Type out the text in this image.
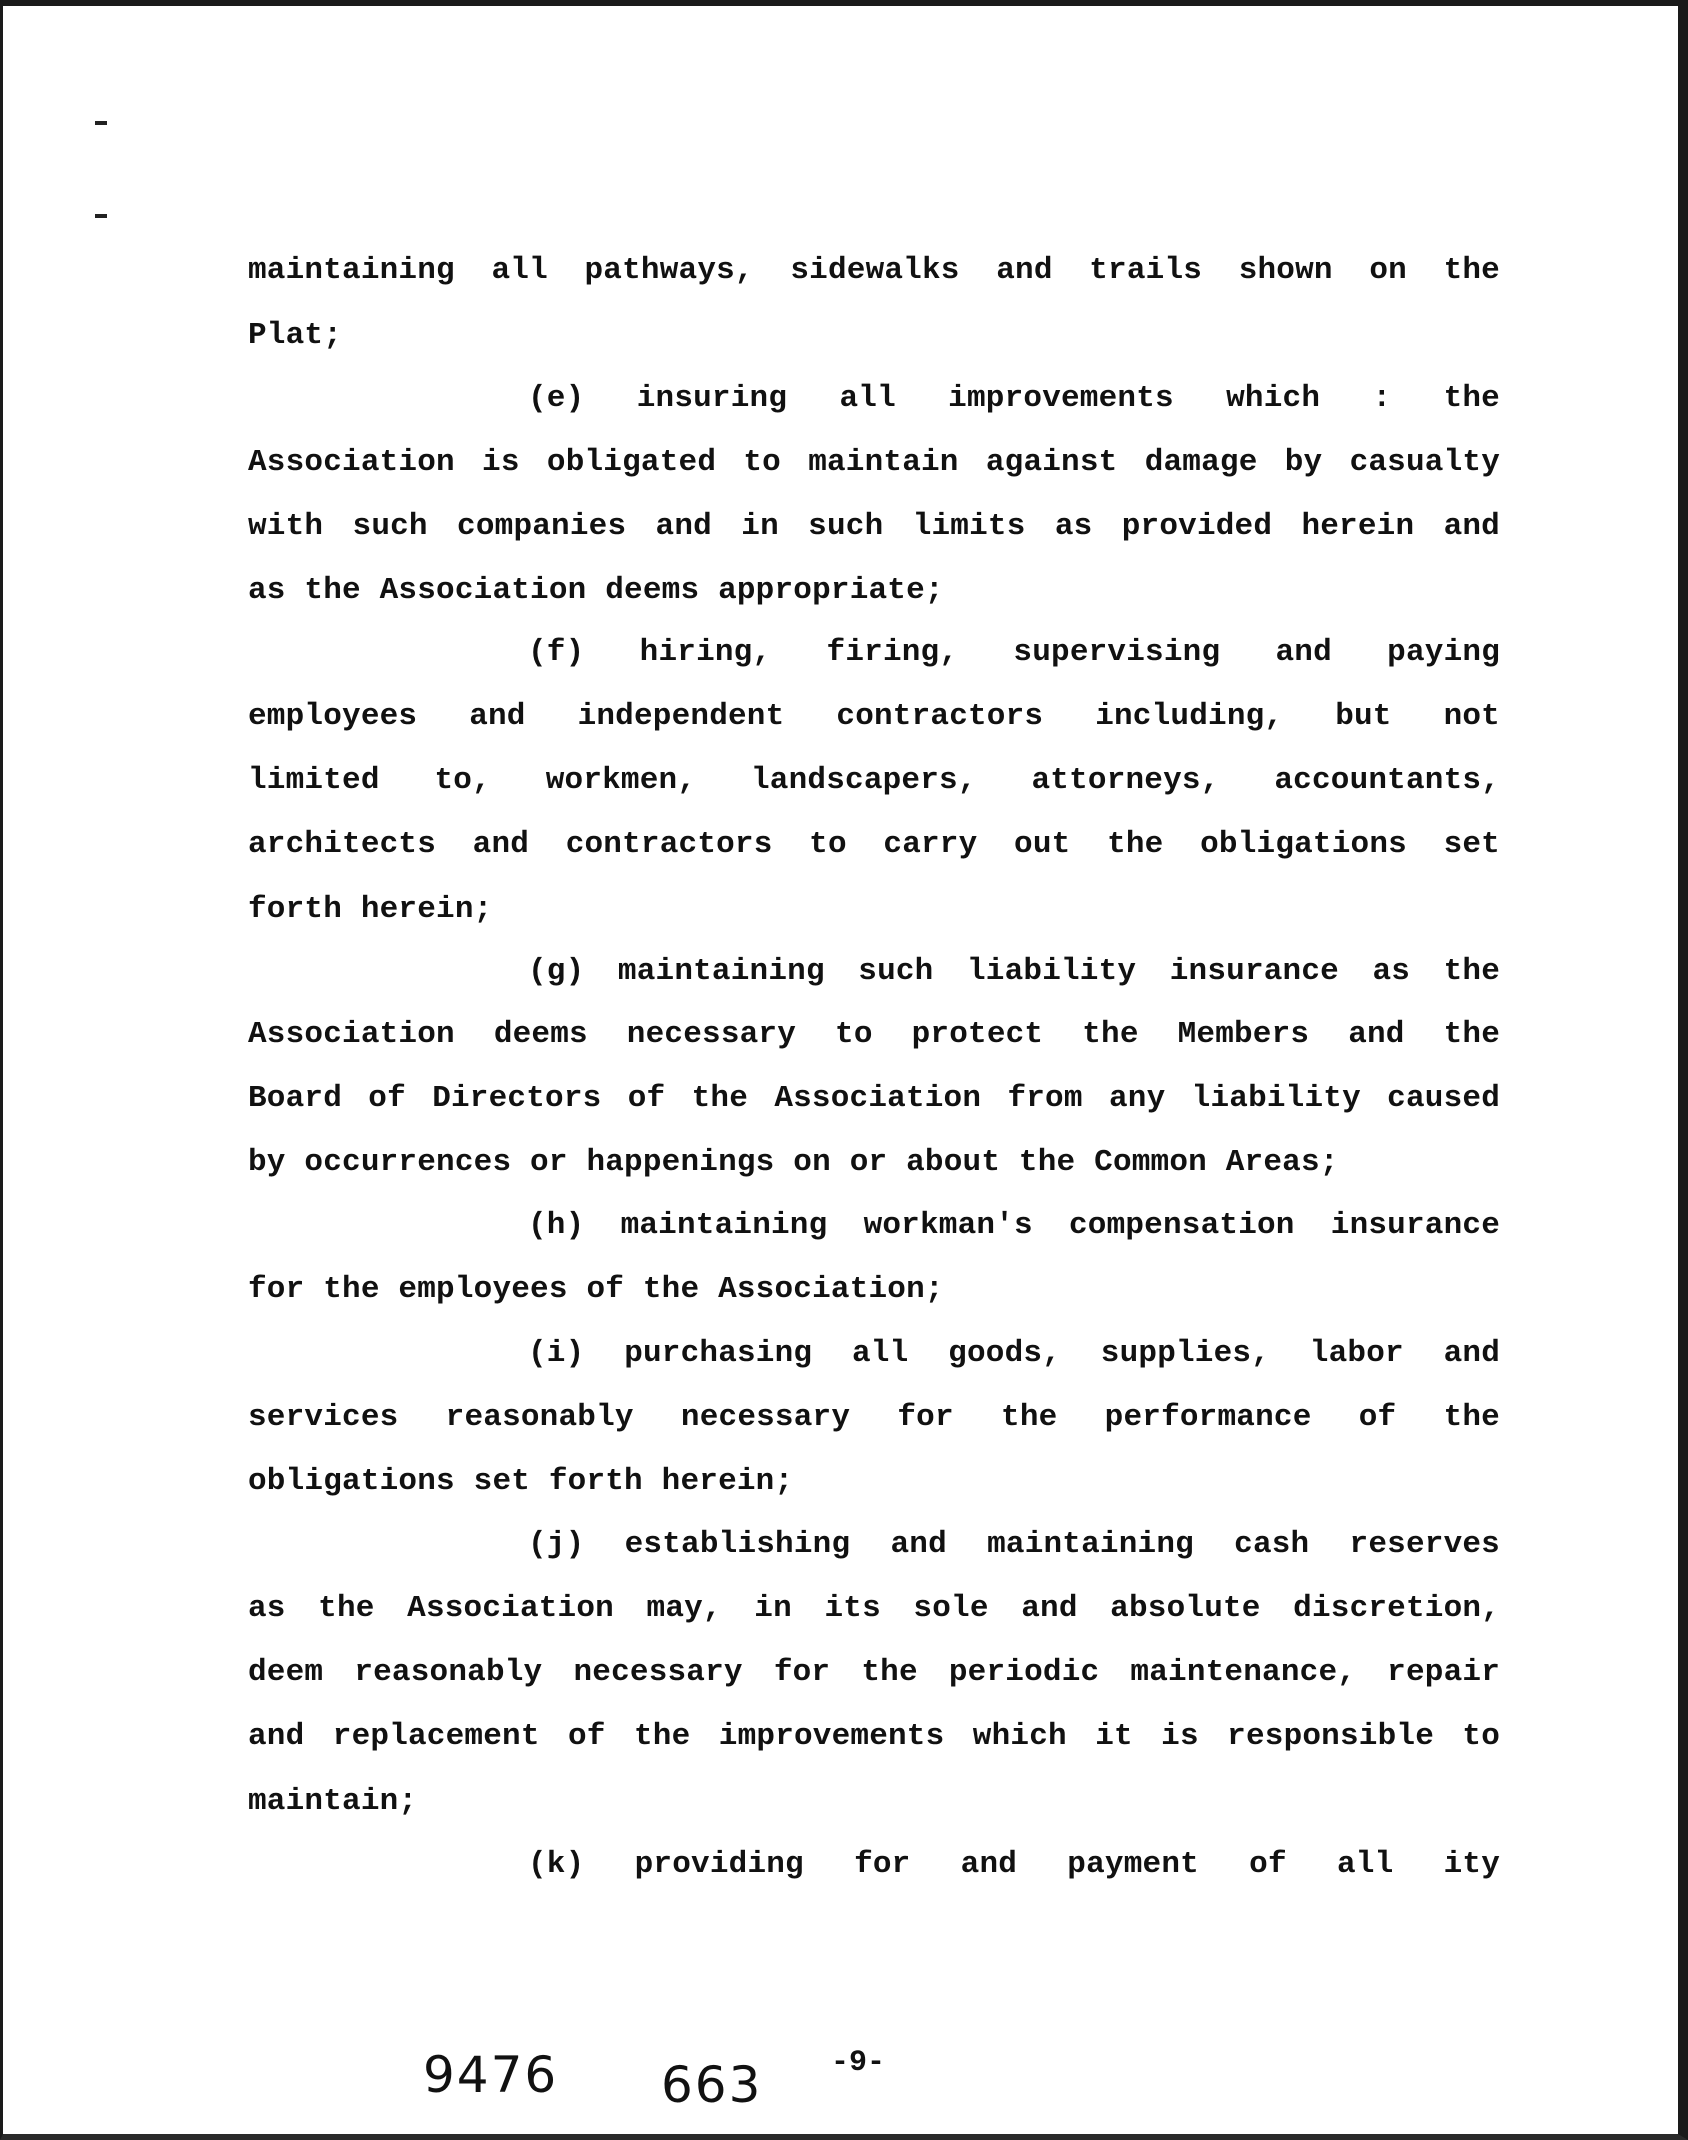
maintaining all pathways, sidewalks and trails shown on the
Plat;
(e) insuring all improvements which : the
Association is obligated to maintain against damage by casualty
with such companies and in such limits as provided herein and
as the Association deems appropriate;
(f) hiring, firing, supervising and paying
employees and independent contractors including, but not
limited to, workmen, landscapers, attorneys, accountants,
architects and contractors to carry out the obligations set
forth herein;
(g) maintaining such liability insurance as the
Association deems necessary to protect the Members and the
Board of Directors of the Association from any liability caused
by occurrences or happenings on or about the Common Areas;
(h) maintaining workman's compensation insurance
for the employees of the Association;
(i) purchasing all goods, supplies, labor and
services reasonably necessary for the performance of the
obligations set forth herein;
(j) establishing and maintaining cash reserves
as the Association may, in its sole and absolute discretion,
deem reasonably necessary for the periodic maintenance, repair
and replacement of the improvements which it is responsible to
maintain;
(k) providing for and payment of all ity
9476 663 -9-
